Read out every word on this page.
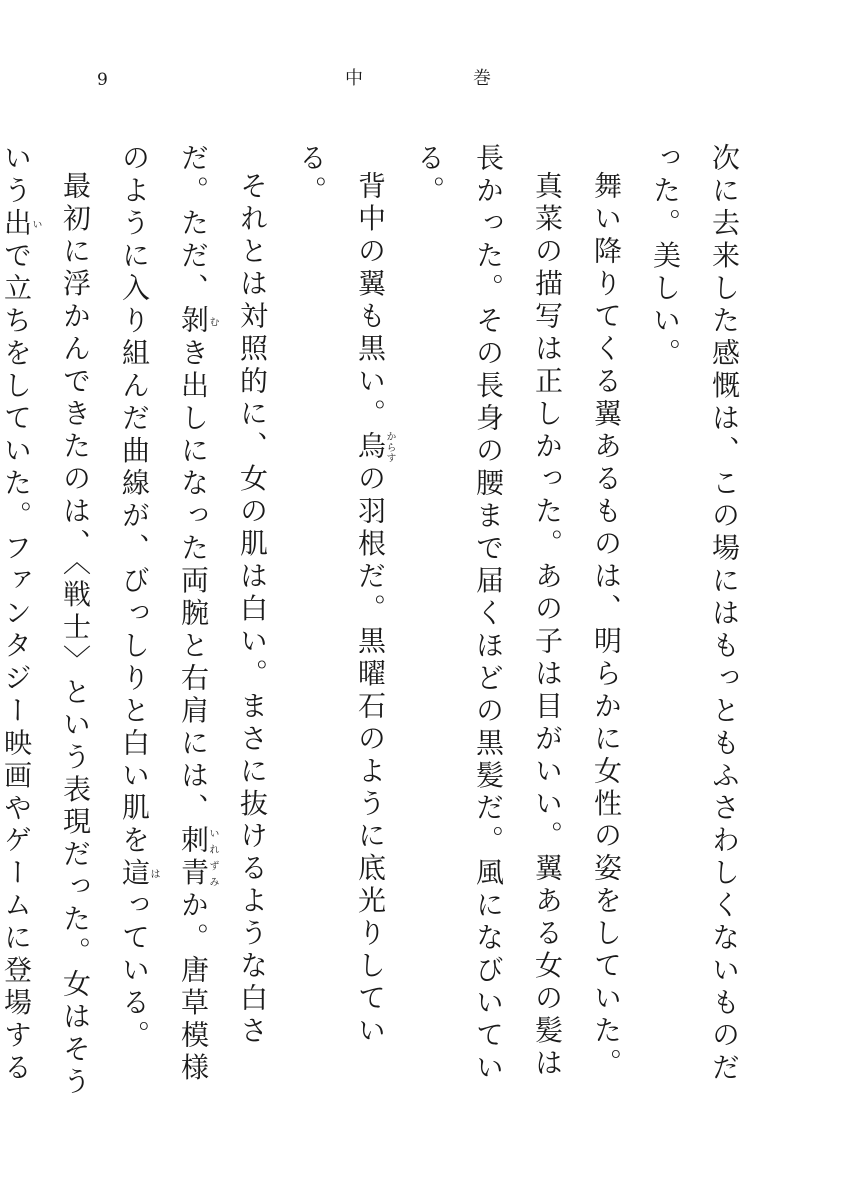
9	中	巻

次に去来した感慨は、この場にはもっともふさわしくないものだった。美しい。

舞い降りてくる翼あるものは、明らかに女性の姿をしていた。

真菜の描写は正しかった。あの子は目がいい。翼ある女の髪は長かった。その長身の腰まで届くほどの黒髪だ。風になびいている。

背中の翼も黒い。烏からすの羽根だ。黒曜石のように底光りしている。

それとは対照的に、女の肌は白い。まさに抜けるような白さだ。ただ、剝むき出しになった両腕と右肩には、刺青いれずみか。唐草模様のように入り組んだ曲線が、びっしりと白い肌を這はっている。

最初に浮かんできたのは、〈戦士〉という表現だった。女はそういう出いで立ちをしていた。ファンタジー映画やゲームに登場する
